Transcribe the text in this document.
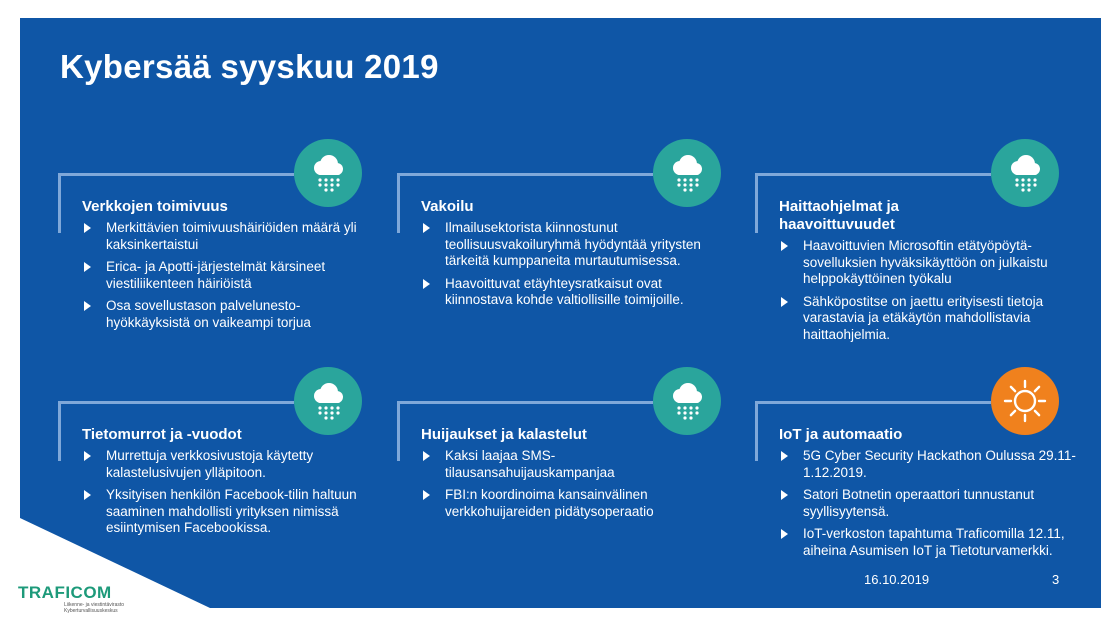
Kybersää syyskuu 2019
Verkkojen toimivuus
Merkittävien toimivuushäiriöiden määrä yli kaksinkertaistui
Erica- ja Apotti-järjestelmät kärsineet viestiliikenteen häiriöistä
Osa sovellustason palvelunesto-hyökkäyksistä on vaikeampi torjua
Vakoilu
Ilmailusektorista kiinnostunut teollisuusvakoiluryhmä hyödyntää yritysten tärkeitä kumppaneita murtautumisessa.
Haavoittuvat etäyhteysratkaisut ovat kiinnostava kohde valtiollisille toimijoille.
Haittaohjelmat ja haavoittuvuudet
Haavoittuvien Microsoftin etätyöpöytä-sovelluksien hyväksikäyttöön on julkaistu helppokäyttöinen työkalu
Sähköpostitse on jaettu erityisesti tietoja varastavia ja etäkäytön mahdollistavia haittaohjelmia.
Tietomurrot ja -vuodot
Murrettuja verkkosivustoja käytetty kalastelusivujen ylläpitoon.
Yksityisen henkilön Facebook-tilin haltuun saaminen mahdollisti yrityksen nimissä esiintymisen Facebookissa.
Huijaukset ja kalastelut
Kaksi laajaa SMS-tilausansahuijauskampanjaa
FBI:n koordinoima kansainvälinen verkkohuijareiden pidätysoperaatio
IoT ja automaatio
5G Cyber Security Hackathon Oulussa 29.11-1.12.2019.
Satori Botnetin operaattori tunnustanut syyllisyytensä.
IoT-verkoston tapahtuma Traficomilla 12.11, aiheina Asumisen IoT ja Tietoturvamerkki.
16.10.2019	3
TRAFICOM
Liikenne- ja viestintävirasto
Kyberturvallisuuskeskus
